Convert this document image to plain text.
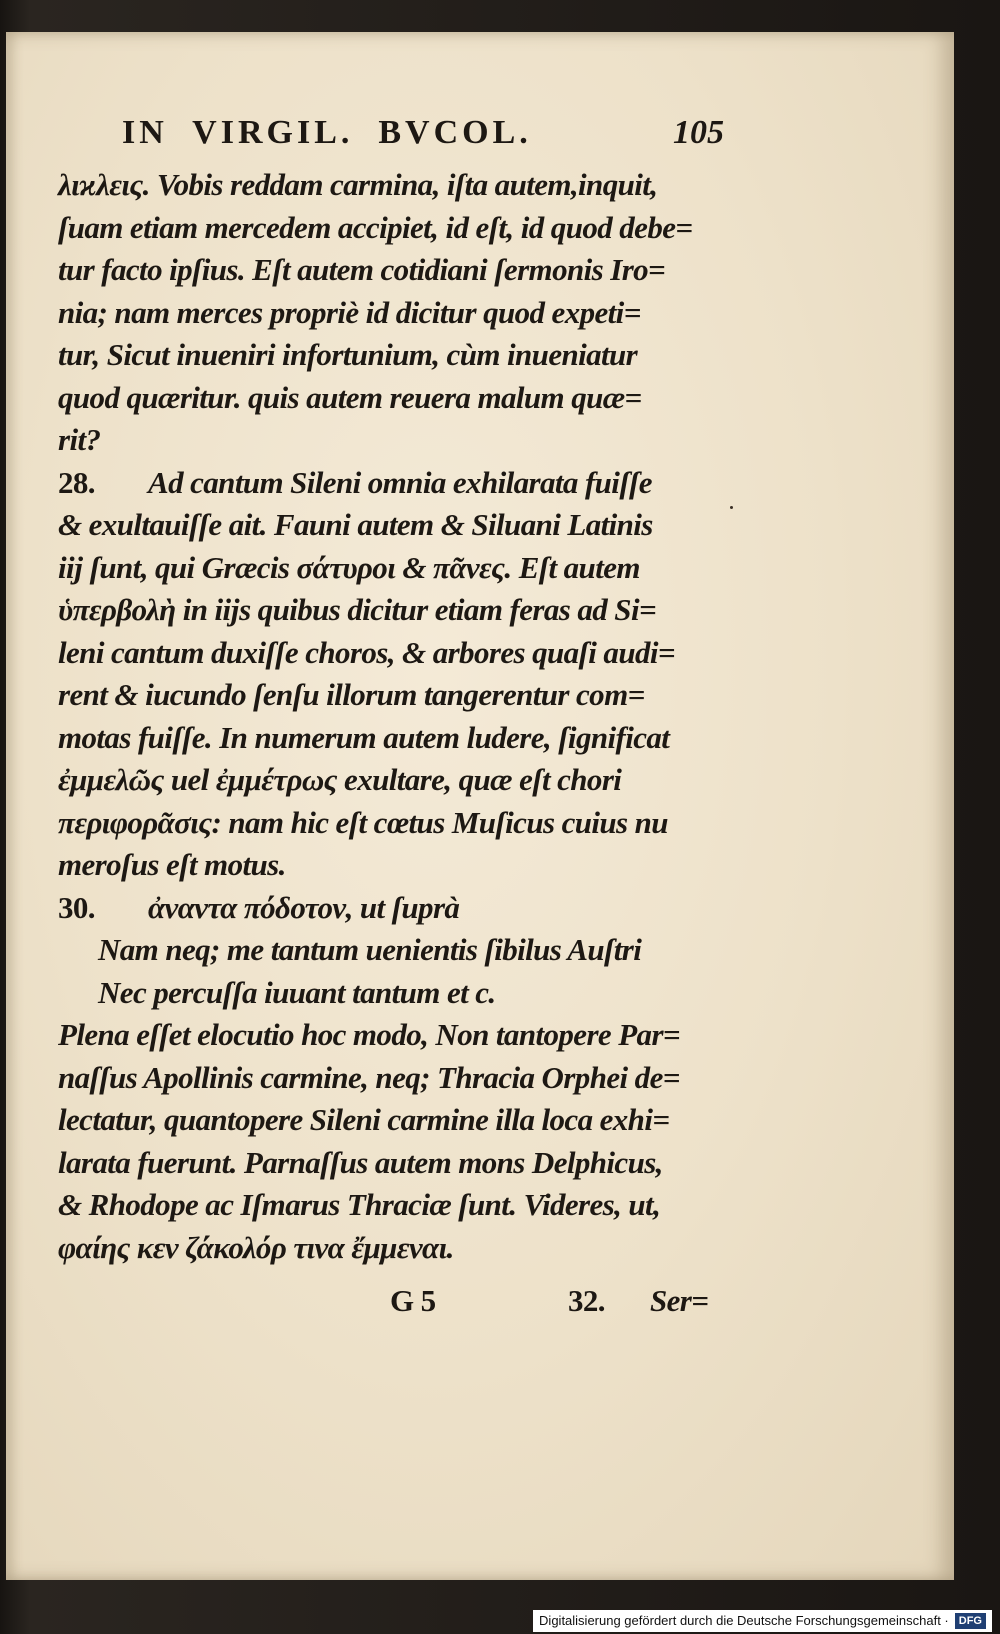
IN  VIRGIL.  BVCOL.	105
λιϰλεις. Vobis reddam carmina, iſta autem,inquit,
ſuam etiam mercedem accipiet, id eſt, id quod debe=
tur facto ipſius. Eſt autem cotidiani ſermonis Iro=
nia; nam merces propriè id dicitur quod expeti=
tur, Sicut inueniri infortunium, cùm inueniatur
quod quæritur. quis autem reuera malum quæ=
rit?
28. Ad cantum Sileni omnia exhilarata fuiſſe
& exultauiſſe ait. Fauni autem & Siluani Latinis
iĳ ſunt, qui Græcis σάτυροι & πᾶνες. Eſt autem
ὑπερβολὴ in iĳs quibus dicitur etiam feras ad Si=
leni cantum duxiſſe choros, & arbores quaſi audi=
rent & iucundo ſenſu illorum tangerentur com=
motas fuiſſe. In numerum autem ludere, ſignificat
ἐμμελῶς uel ἐμμέτρως exultare, quæ eſt chori
περιφορᾶσις: nam hic eſt cœtus Muſicus cuius nu
meroſus eſt motus.
30. ἀναντα πόδοτον, ut ſuprà
Nam neq; me tantum uenientis ſibilus Auſtri
Nec percuſſa iuuant tantum et c.
Plena eſſet elocutio hoc modo, Non tantopere Par=
naſſus Apollinis carmine, neq; Thracia Orphei de=
lectatur, quantopere Sileni carmine illa loca exhi=
larata fuerunt. Parnaſſus autem mons Delphicus,
& Rhodope ac Iſmarus Thraciæ ſunt. Videres, ut,
φαίης κεν ζάκολόρ τινα ἔμμεναι.
G 5	32. Ser=
Digitalisierung gefördert durch die Deutsche Forschungsgemeinschaft · DFG
